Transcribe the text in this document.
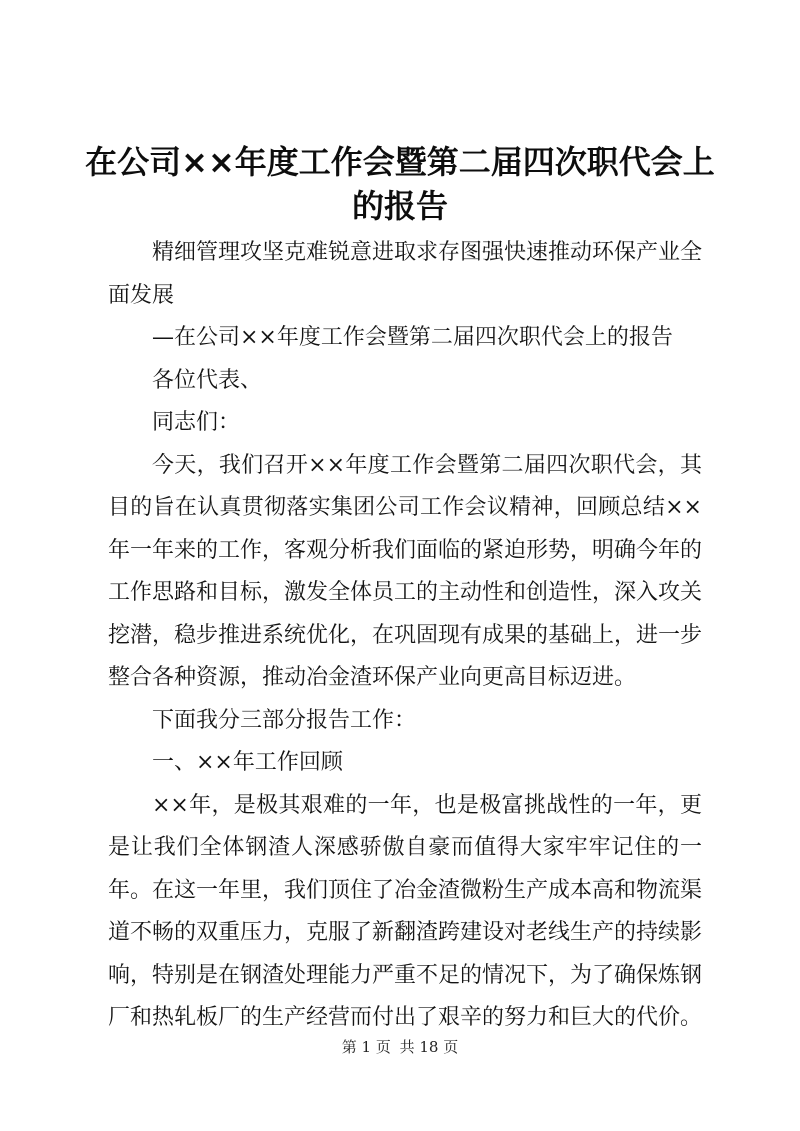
在公司××年度工作会暨第二届四次职代会上的报告

精细管理攻坚克难锐意进取求存图强快速推动环保产业全面发展

—在公司××年度工作会暨第二届四次职代会上的报告

各位代表、

同志们：

今天，我们召开××年度工作会暨第二届四次职代会，其目的旨在认真贯彻落实集团公司工作会议精神，回顾总结××年一年来的工作，客观分析我们面临的紧迫形势，明确今年的工作思路和目标，激发全体员工的主动性和创造性，深入攻关挖潜，稳步推进系统优化，在巩固现有成果的基础上，进一步整合各种资源，推动冶金渣环保产业向更高目标迈进。

下面我分三部分报告工作：

一、××年工作回顾

××年，是极其艰难的一年，也是极富挑战性的一年，更是让我们全体钢渣人深感骄傲自豪而值得大家牢牢记住的一年。在这一年里，我们顶住了冶金渣微粉生产成本高和物流渠道不畅的双重压力，克服了新翻渣跨建设对老线生产的持续影响，特别是在钢渣处理能力严重不足的情况下，为了确保炼钢厂和热轧板厂的生产经营而付出了艰辛的努力和巨大的代价。

第 1 页 共 18 页
